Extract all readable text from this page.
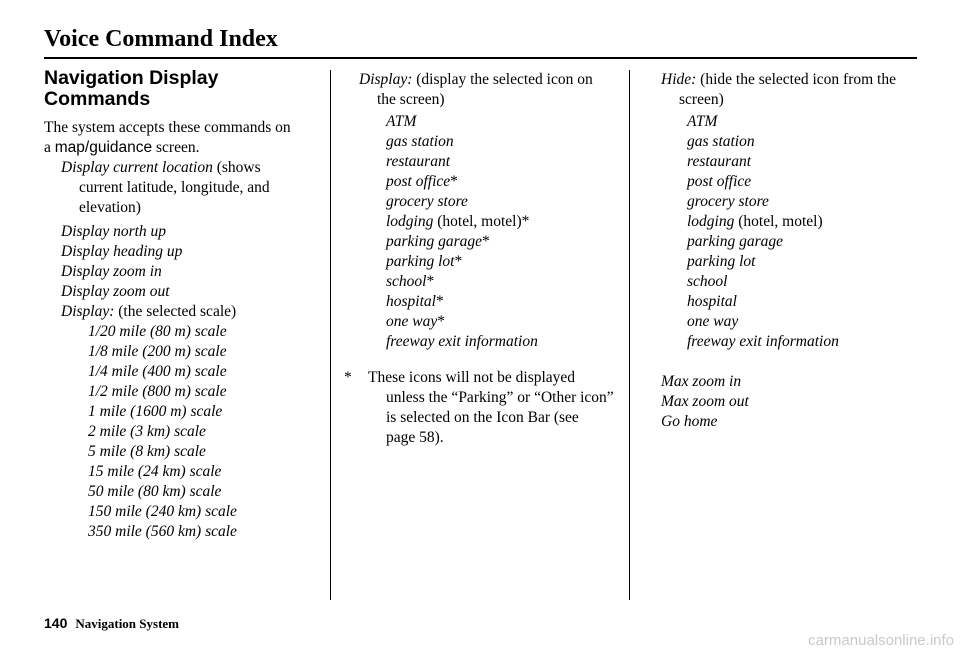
Voice Command Index
Navigation Display
Commands

The system accepts these commands on
a map/guidance screen.

Display current location (shows
current latitude, longitude, and
elevation)
Display north up
Display heading up
Display zoom in
Display zoom out
Display: (the selected scale)
1/20 mile (80 m) scale
1/8 mile (200 m) scale
1/4 mile (400 m) scale
1/2 mile (800 m) scale
1 mile (1600 m) scale
2 mile (3 km) scale
5 mile (8 km) scale
15 mile (24 km) scale
50 mile (80 km) scale
150 mile (240 km) scale
350 mile (560 km) scale
Display: (display the selected icon on
the screen)
ATM
gas station
restaurant
post office*
grocery store
lodging (hotel, motel)*
parking garage*
parking lot*
school*
hospital*
one way*
freeway exit information
* These icons will not be displayed
unless the “Parking” or “Other icon”
is selected on the Icon Bar (see
page 58).
Hide: (hide the selected icon from the
screen)
ATM
gas station
restaurant
post office
grocery store
lodging (hotel, motel)
parking garage
parking lot
school
hospital
one way
freeway exit information
Max zoom in
Max zoom out
Go home
140 Navigation System
carmanualsonline.info
